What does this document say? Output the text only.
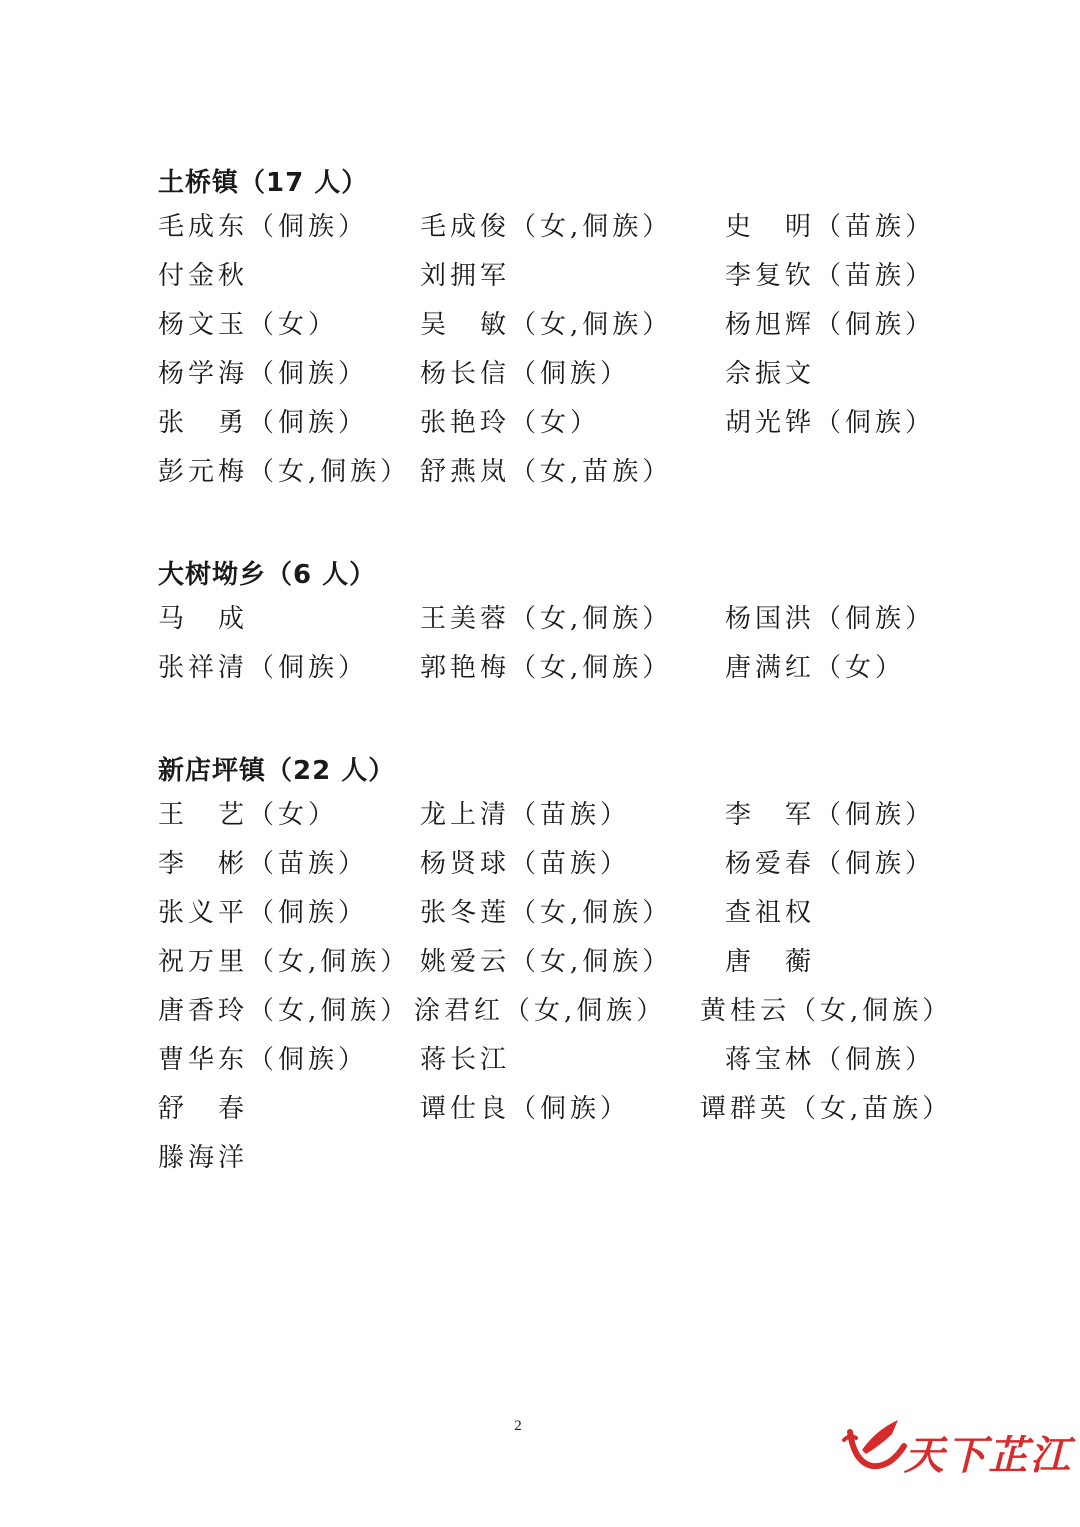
土桥镇（17 人）
毛成东（侗族） 毛成俊（女,侗族） 史　明（苗族）
付金秋	刘拥军	李复钦（苗族）
杨文玉（女）	吴　敏（女,侗族） 杨旭辉（侗族）
杨学海（侗族） 杨长信（侗族）	佘振文
张　勇（侗族） 张艳玲（女）	胡光铧（侗族）
彭元梅（女,侗族） 舒燕岚（女,苗族）
大树坳乡（6 人）
马　成	王美蓉（女,侗族） 杨国洪（侗族）
张祥清（侗族） 郭艳梅（女,侗族） 唐满红（女）
新店坪镇（22 人）
王　艺（女）	龙上清（苗族）	李　军（侗族）
李　彬（苗族） 杨贤球（苗族）	杨爱春（侗族）
张义平（侗族） 张冬莲（女,侗族） 查祖权
祝万里（女,侗族） 姚爱云（女,侗族） 唐　蘅
唐香玲（女,侗族） 涂君红（女,侗族） 黄桂云（女,侗族）
曹华东（侗族） 蒋长江	蒋宝林（侗族）
舒　春	谭仕良（侗族）	谭群英（女,苗族）
滕海洋
2
天下芷江
